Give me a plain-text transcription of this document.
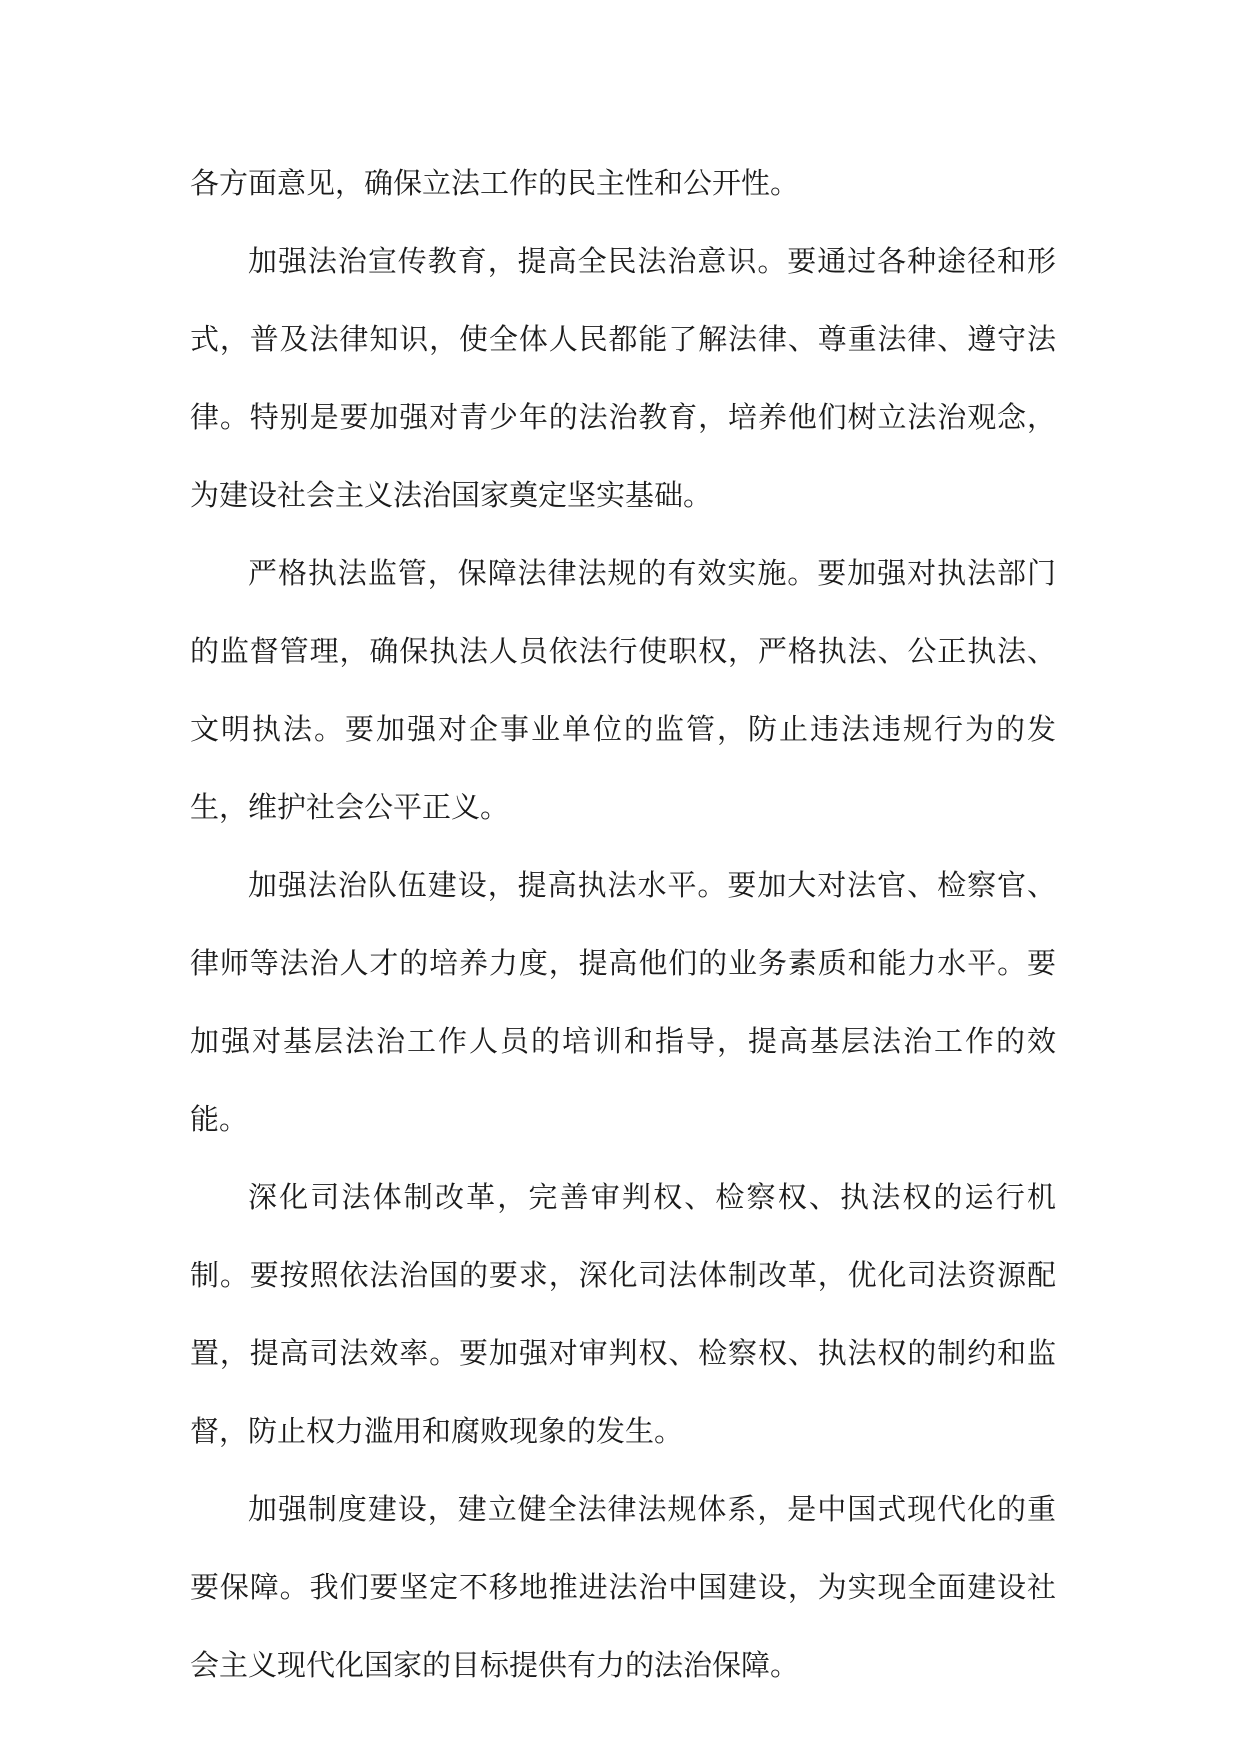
各方面意见，确保立法工作的民主性和公开性。

加强法治宣传教育，提高全民法治意识。要通过各种途径和形式，普及法律知识，使全体人民都能了解法律、尊重法律、遵守法律。特别是要加强对青少年的法治教育，培养他们树立法治观念，为建设社会主义法治国家奠定坚实基础。

严格执法监管，保障法律法规的有效实施。要加强对执法部门的监督管理，确保执法人员依法行使职权，严格执法、公正执法、文明执法。要加强对企事业单位的监管，防止违法违规行为的发生，维护社会公平正义。

加强法治队伍建设，提高执法水平。要加大对法官、检察官、律师等法治人才的培养力度，提高他们的业务素质和能力水平。要加强对基层法治工作人员的培训和指导，提高基层法治工作的效能。

深化司法体制改革，完善审判权、检察权、执法权的运行机制。要按照依法治国的要求，深化司法体制改革，优化司法资源配置，提高司法效率。要加强对审判权、检察权、执法权的制约和监督，防止权力滥用和腐败现象的发生。

加强制度建设，建立健全法律法规体系，是中国式现代化的重要保障。我们要坚定不移地推进法治中国建设，为实现全面建设社会主义现代化国家的目标提供有力的法治保障。
